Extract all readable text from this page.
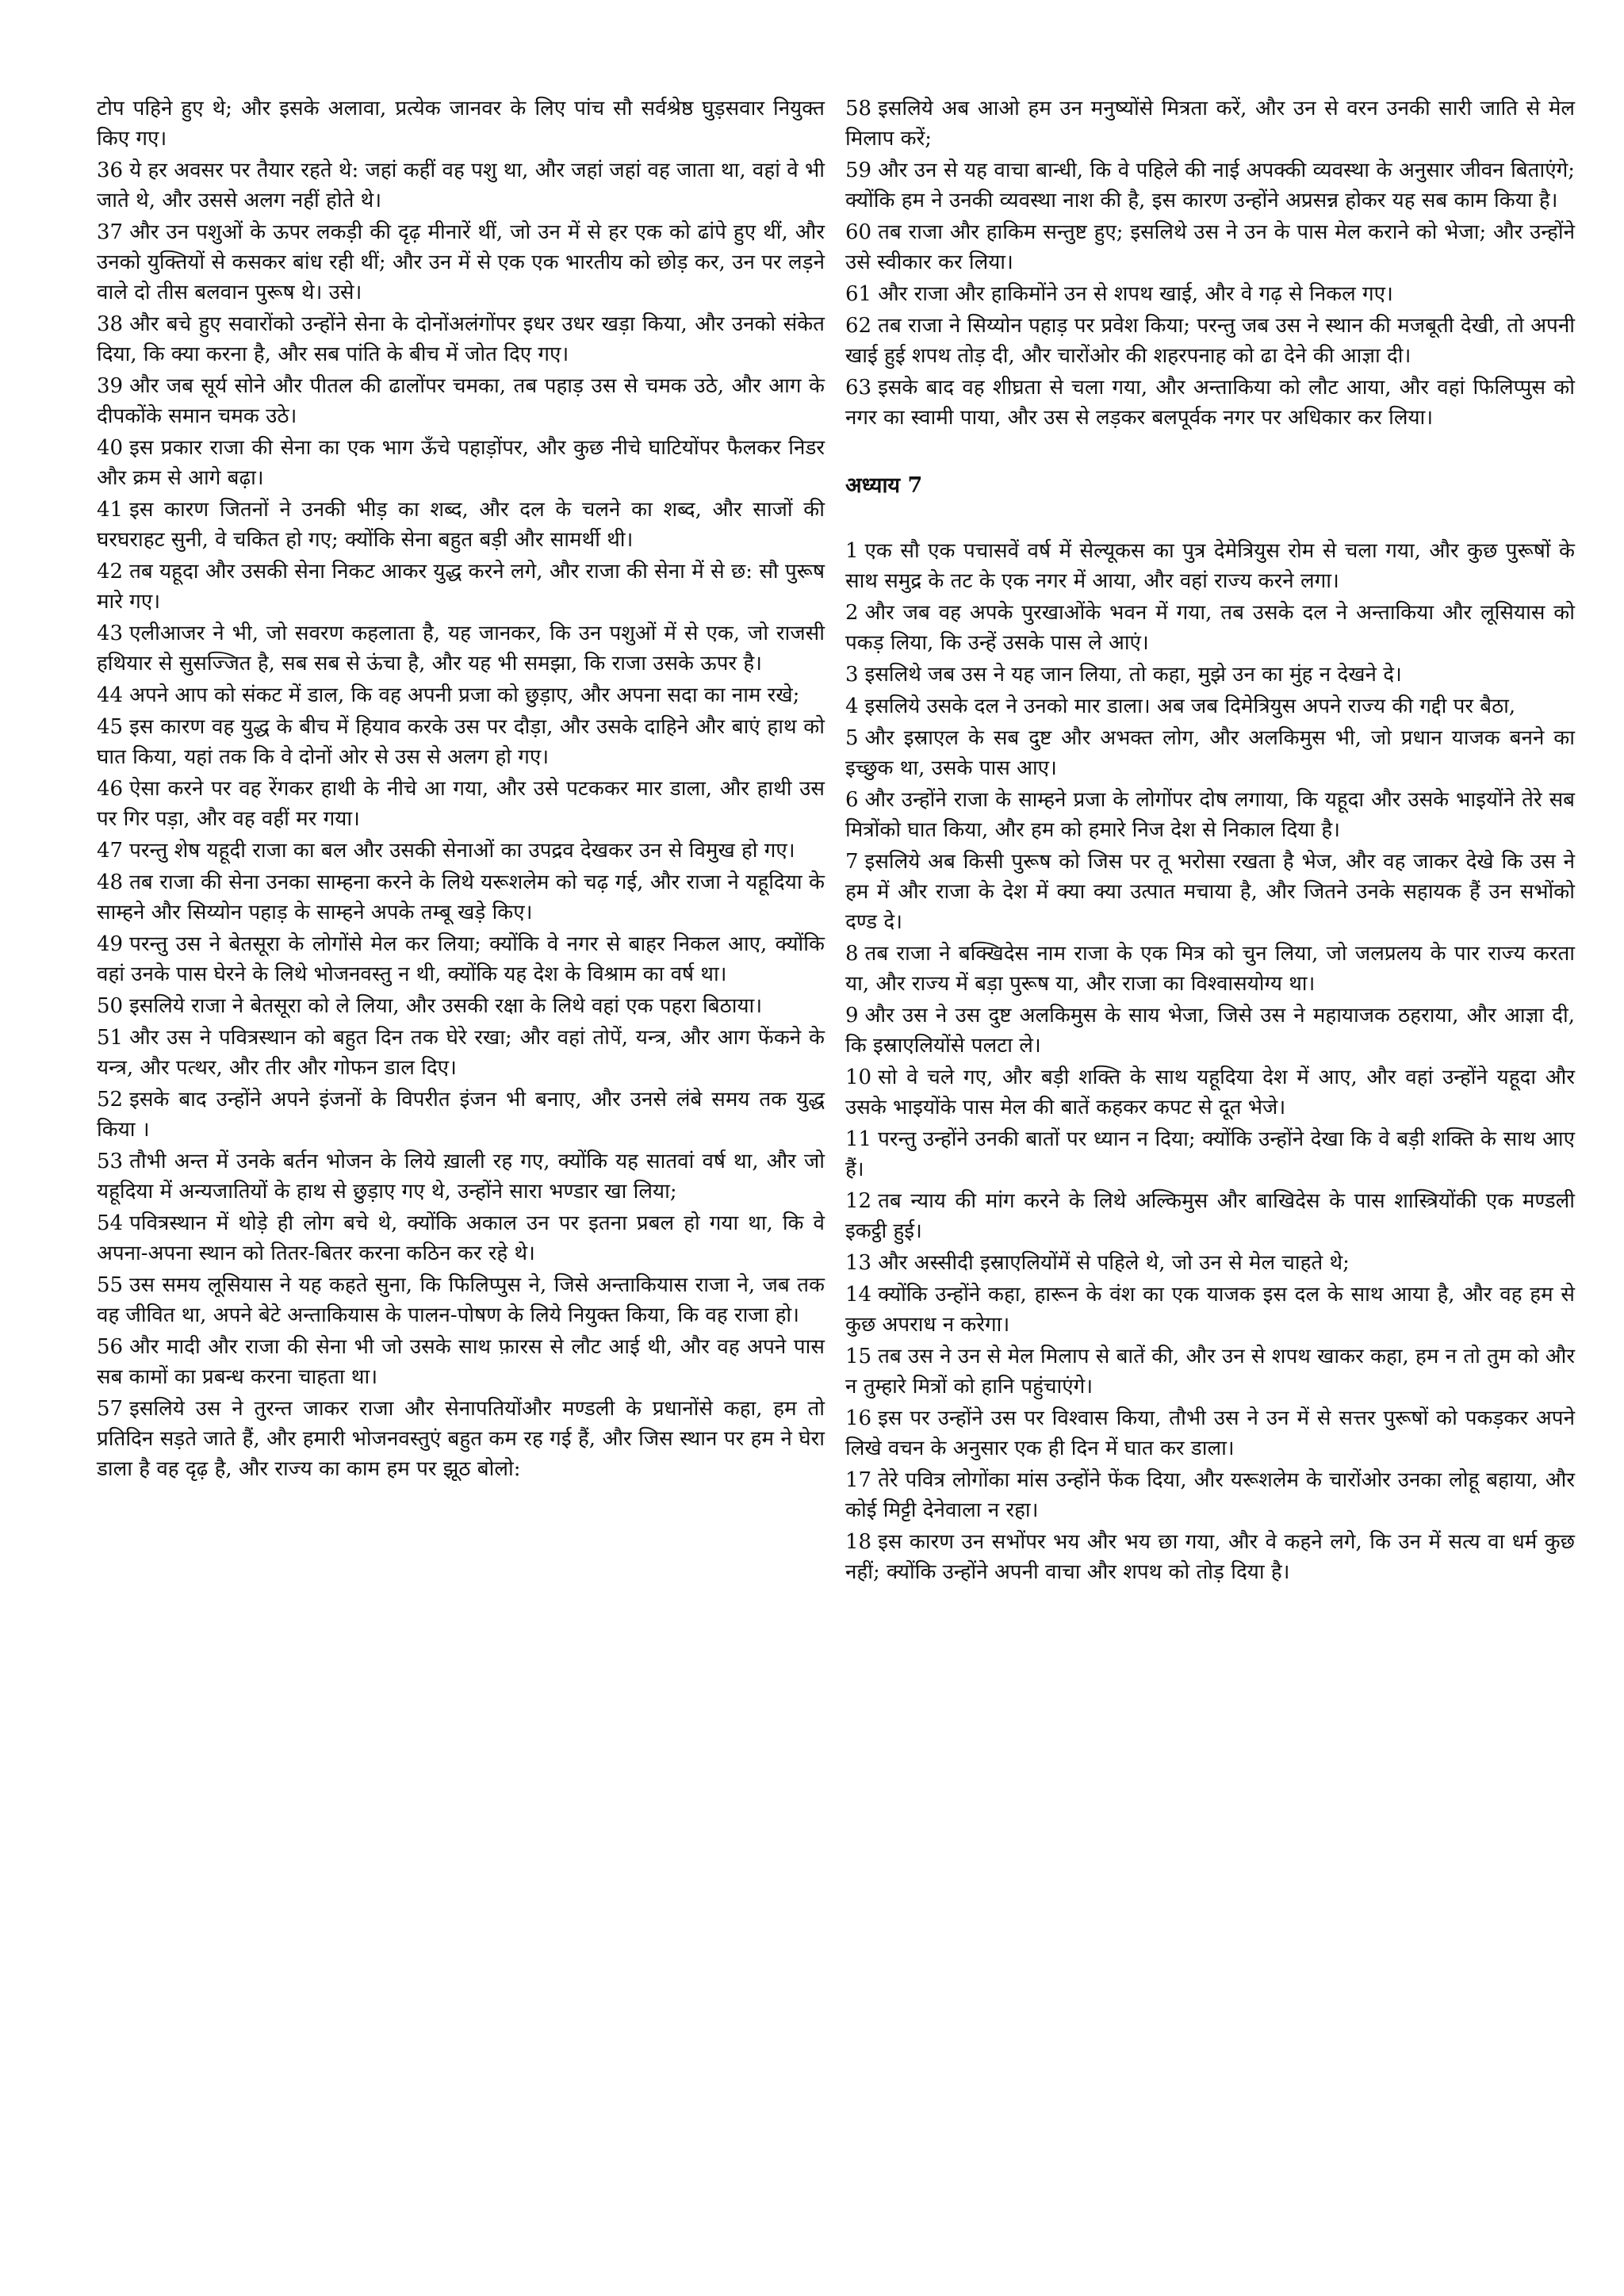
टोप पहिने हुए थे; और इसके अलावा, प्रत्येक जानवर के लिए पांच सौ सर्वश्रेष्ठ घुड़सवार नियुक्त किए गए।
36 ये हर अवसर पर तैयार रहते थे: जहां कहीं वह पशु था, और जहां जहां वह जाता था, वहां वे भी जाते थे, और उससे अलग नहीं होते थे।
37 और उन पशुओं के ऊपर लकड़ी की दृढ़ मीनारें थीं, जो उन में से हर एक को ढांपे हुए थीं, और उनको युक्तियों से कसकर बांध रही थीं; और उन में से एक एक भारतीय को छोड़ कर, उन पर लड़ने वाले दो तीस बलवान पुरूष थे। उसे।
38 और बचे हुए सवारोंको उन्होंने सेना के दोनोंअलंगोंपर इधर उधर खड़ा किया, और उनको संकेत दिया, कि क्या करना है, और सब पांति के बीच में जोत दिए गए।
39 और जब सूर्य सोने और पीतल की ढालोंपर चमका, तब पहाड़ उस से चमक उठे, और आग के दीपकोंके समान चमक उठे।
40 इस प्रकार राजा की सेना का एक भाग ऊँचे पहाड़ोंपर, और कुछ नीचे घाटियोंपर फैलकर निडर और क्रम से आगे बढ़ा।
41 इस कारण जितनों ने उनकी भीड़ का शब्द, और दल के चलने का शब्द, और साजों की घरघराहट सुनी, वे चकित हो गए; क्योंकि सेना बहुत बड़ी और सामर्थी थी।
42 तब यहूदा और उसकी सेना निकट आकर युद्ध करने लगे, और राजा की सेना में से छ: सौ पुरूष मारे गए।
43 एलीआजर ने भी, जो सवरण कहलाता है, यह जानकर, कि उन पशुओं में से एक, जो राजसी हथियार से सुसज्जित है, सब सब से ऊंचा है, और यह भी समझा, कि राजा उसके ऊपर है।
44 अपने आप को संकट में डाल, कि वह अपनी प्रजा को छुड़ाए, और अपना सदा का नाम रखे;
45 इस कारण वह युद्ध के बीच में हियाव करके उस पर दौड़ा, और उसके दाहिने और बाएं हाथ को घात किया, यहां तक कि वे दोनों ओर से उस से अलग हो गए।
46 ऐसा करने पर वह रेंगकर हाथी के नीचे आ गया, और उसे पटककर मार डाला, और हाथी उस पर गिर पड़ा, और वह वहीं मर गया।
47 परन्तु शेष यहूदी राजा का बल और उसकी सेनाओं का उपद्रव देखकर उन से विमुख हो गए।
48 तब राजा की सेना उनका साम्हना करने के लिथे यरूशलेम को चढ़ गई, और राजा ने यहूदिया के साम्हने और सिय्योन पहाड़ के साम्हने अपके तम्बू खड़े किए।
49 परन्तु उस ने बेतसूरा के लोगोंसे मेल कर लिया; क्योंकि वे नगर से बाहर निकल आए, क्योंकि वहां उनके पास घेरने के लिथे भोजनवस्तु न थी, क्योंकि यह देश के विश्राम का वर्ष था।
50 इसलिये राजा ने बेतसूरा को ले लिया, और उसकी रक्षा के लिथे वहां एक पहरा बिठाया।
51 और उस ने पवित्रस्थान को बहुत दिन तक घेरे रखा; और वहां तोपें, यन्त्र, और आग फेंकने के यन्त्र, और पत्थर, और तीर और गोफन डाल दिए।
52 इसके बाद उन्होंने अपने इंजनों के विपरीत इंजन भी बनाए, और उनसे लंबे समय तक युद्ध किया ।
53 तौभी अन्त में उनके बर्तन भोजन के लिये ख़ाली रह गए, क्योंकि यह सातवां वर्ष था, और जो यहूदिया में अन्यजातियों के हाथ से छुड़ाए गए थे, उन्होंने सारा भण्डार खा लिया;
54 पवित्रस्थान में थोड़े ही लोग बचे थे, क्योंकि अकाल उन पर इतना प्रबल हो गया था, कि वे अपना-अपना स्थान को तितर-बितर करना कठिन कर रहे थे।
55 उस समय लूसियास ने यह कहते सुना, कि फिलिप्पुस ने, जिसे अन्ताकियास राजा ने, जब तक वह जीवित था, अपने बेटे अन्ताकियास के पालन-पोषण के लिये नियुक्त किया, कि वह राजा हो।
56 और मादी और राजा की सेना भी जो उसके साथ फ़ारस से लौट आई थी, और वह अपने पास सब कामों का प्रबन्ध करना चाहता था।
57 इसलिये उस ने तुरन्त जाकर राजा और सेनापतियोंऔर मण्डली के प्रधानोंसे कहा, हम तो प्रतिदिन सड़ते जाते हैं, और हमारी भोजनवस्तुएं बहुत कम रह गई हैं, और जिस स्थान पर हम ने घेरा डाला है वह दृढ़ है, और राज्य का काम हम पर झूठ बोलो:
58 इसलिये अब आओ हम उन मनुष्योंसे मित्रता करें, और उन से वरन उनकी सारी जाति से मेल मिलाप करें;
59 और उन से यह वाचा बान्धी, कि वे पहिले की नाई अपक्की व्यवस्था के अनुसार जीवन बिताएंगे; क्योंकि हम ने उनकी व्यवस्था नाश की है, इस कारण उन्होंने अप्रसन्न होकर यह सब काम किया है।
60 तब राजा और हाकिम सन्तुष्ट हुए; इसलिथे उस ने उन के पास मेल कराने को भेजा; और उन्होंने उसे स्वीकार कर लिया।
61 और राजा और हाकिमोंने उन से शपथ खाई, और वे गढ़ से निकल गए।
62 तब राजा ने सिय्योन पहाड़ पर प्रवेश किया; परन्तु जब उस ने स्थान की मजबूती देखी, तो अपनी खाई हुई शपथ तोड़ दी, और चारोंओर की शहरपनाह को ढा देने की आज्ञा दी।
63 इसके बाद वह शीघ्रता से चला गया, और अन्ताकिया को लौट आया, और वहां फिलिप्पुस को नगर का स्वामी पाया, और उस से लड़कर बलपूर्वक नगर पर अधिकार कर लिया।
अध्याय 7
1 एक सौ एक पचासवें वर्ष में सेल्यूकस का पुत्र देमेत्रियुस रोम से चला गया, और कुछ पुरूषों के साथ समुद्र के तट के एक नगर में आया, और वहां राज्य करने लगा।
2 और जब वह अपके पुरखाओंके भवन में गया, तब उसके दल ने अन्ताकिया और लूसियास को पकड़ लिया, कि उन्हें उसके पास ले आएं।
3 इसलिथे जब उस ने यह जान लिया, तो कहा, मुझे उन का मुंह न देखने दे।
4 इसलिये उसके दल ने उनको मार डाला। अब जब दिमेत्रियुस अपने राज्य की गद्दी पर बैठा,
5 और इस्राएल के सब दुष्ट और अभक्त लोग, और अलकिमुस भी, जो प्रधान याजक बनने का इच्छुक था, उसके पास आए।
6 और उन्होंने राजा के साम्हने प्रजा के लोगोंपर दोष लगाया, कि यहूदा और उसके भाइयोंने तेरे सब मित्रोंको घात किया, और हम को हमारे निज देश से निकाल दिया है।
7 इसलिये अब किसी पुरूष को जिस पर तू भरोसा रखता है भेज, और वह जाकर देखे कि उस ने हम में और राजा के देश में क्या क्या उत्पात मचाया है, और जितने उनके सहायक हैं उन सभोंको दण्ड दे।
8 तब राजा ने बक्खिदेस नाम राजा के एक मित्र को चुन लिया, जो जलप्रलय के पार राज्य करता या, और राज्य में बड़ा पुरूष या, और राजा का विश्वासयोग्य था।
9 और उस ने उस दुष्ट अलकिमुस के साय भेजा, जिसे उस ने महायाजक ठहराया, और आज्ञा दी, कि इस्राएलियोंसे पलटा ले।
10 सो वे चले गए, और बड़ी शक्ति के साथ यहूदिया देश में आए, और वहां उन्होंने यहूदा और उसके भाइयोंके पास मेल की बातें कहकर कपट से दूत भेजे।
11 परन्तु उन्होंने उनकी बातों पर ध्यान न दिया; क्योंकि उन्होंने देखा कि वे बड़ी शक्ति के साथ आए हैं।
12 तब न्याय की मांग करने के लिथे अल्किमुस और बाखिदेस के पास शास्त्रियोंकी एक मण्डली इकट्ठी हुई।
13 और अस्सीदी इस्राएलियोंमें से पहिले थे, जो उन से मेल चाहते थे;
14 क्योंकि उन्होंने कहा, हारून के वंश का एक याजक इस दल के साथ आया है, और वह हम से कुछ अपराध न करेगा।
15 तब उस ने उन से मेल मिलाप से बातें की, और उन से शपथ खाकर कहा, हम न तो तुम को और न तुम्हारे मित्रों को हानि पहुंचाएंगे।
16 इस पर उन्होंने उस पर विश्वास किया, तौभी उस ने उन में से सत्तर पुरूषों को पकड़कर अपने लिखे वचन के अनुसार एक ही दिन में घात कर डाला।
17 तेरे पवित्र लोगोंका मांस उन्होंने फेंक दिया, और यरूशलेम के चारोंओर उनका लोहू बहाया, और कोई मिट्टी देनेवाला न रहा।
18 इस कारण उन सभोंपर भय और भय छा गया, और वे कहने लगे, कि उन में सत्य वा धर्म कुछ नहीं; क्योंकि उन्होंने अपनी वाचा और शपथ को तोड़ दिया है।
